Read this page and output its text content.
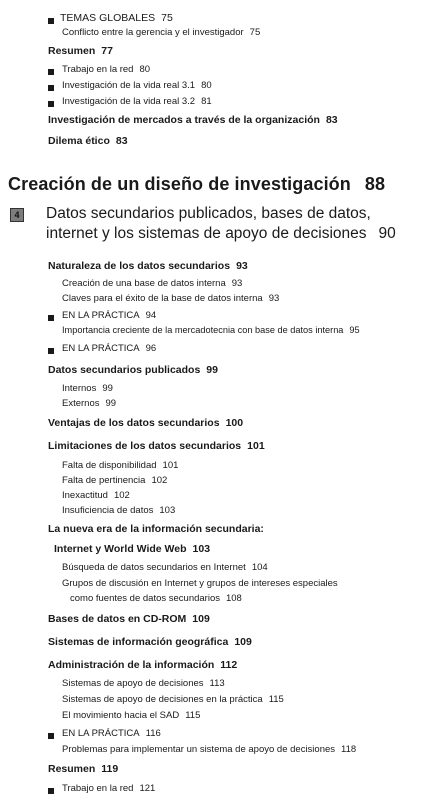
TEMAS GLOBALES 75
Conflicto entre la gerencia y el investigador 75
Resumen 77
Trabajo en la red 80
Investigación de la vida real 3.1 80
Investigación de la vida real 3.2 81
Investigación de mercados a través de la organización 83
Dilema ético 83
Creación de un diseño de investigación 88
4 Datos secundarios publicados, bases de datos,
internet y los sistemas de apoyo de decisiones 90
Naturaleza de los datos secundarios 93
Creación de una base de datos interna 93
Claves para el éxito de la base de datos interna 93
EN LA PRÁCTICA 94
Importancia creciente de la mercadotecnia con base de datos interna 95
EN LA PRÁCTICA 96
Datos secundarios publicados 99
Internos 99
Externos 99
Ventajas de los datos secundarios 100
Limitaciones de los datos secundarios 101
Falta de disponibilidad 101
Falta de pertinencia 102
Inexactitud 102
Insuficiencia de datos 103
La nueva era de la información secundaria:
Internet y World Wide Web 103
Búsqueda de datos secundarios en Internet 104
Grupos de discusión en Internet y grupos de intereses especiales
como fuentes de datos secundarios 108
Bases de datos en CD-ROM 109
Sistemas de información geográfica 109
Administración de la información 112
Sistemas de apoyo de decisiones 113
Sistemas de apoyo de decisiones en la práctica 115
El movimiento hacia el SAD 115
EN LA PRÁCTICA 116
Problemas para implementar un sistema de apoyo de decisiones 118
Resumen 119
Trabajo en la red 121
